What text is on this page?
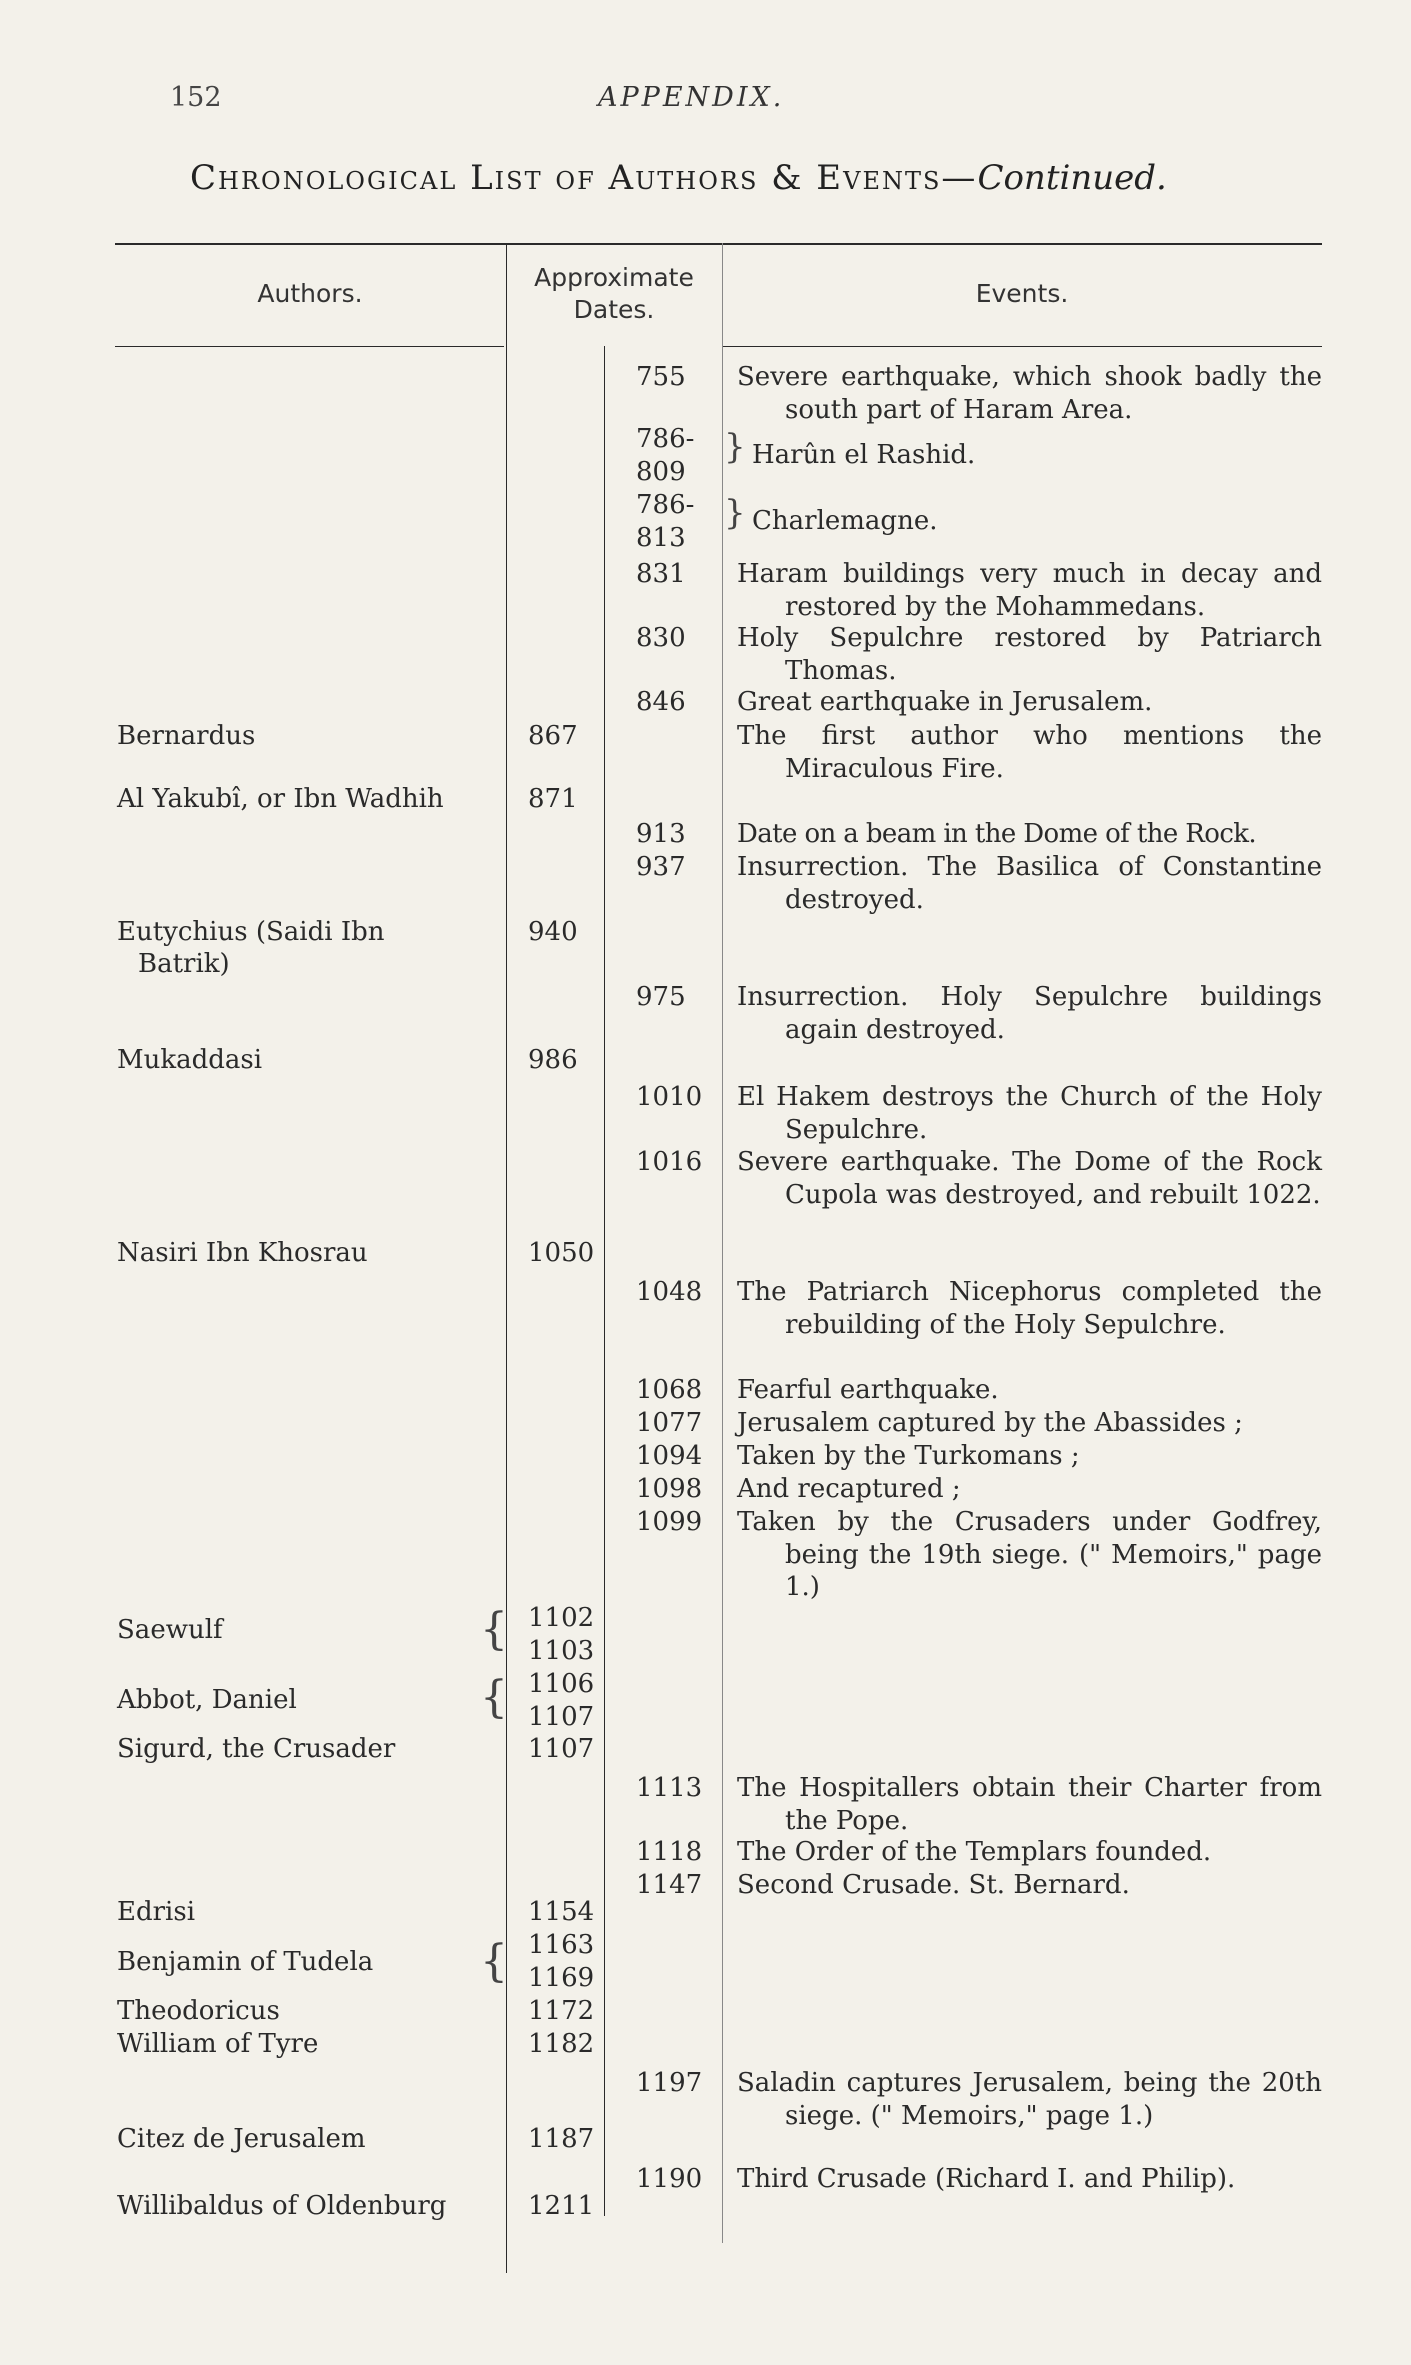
152	APPENDIX.
Chronological List of Authors & Events—Continued.
Authors.
Approximate
Dates.
Events.
Bernardus
Al Yakubî, or Ibn Wadhih
Eutychius (Saidi Ibn
Batrik)
Mukaddasi
Nasiri Ibn Khosrau
Saewulf
Abbot, Daniel
Sigurd, the Crusader
Edrisi
Benjamin of Tudela
Theodoricus
William of Tyre
Citez de Jerusalem
Willibaldus of Oldenburg
{
{
{
867
871
940
986
1050
1102
1103
1106
1107
1107
1154
1163
1169
1172
1182
1187
1211
755
786-
809
786-
813
831
830
846
913
937
975
1010
1016
1048
1068
1077
1094
1098
1099
1113
1118
1147
1197
1190
Severe earthquake, which shook badly the south part of Haram Area.
} Harûn el Rashid.
} Charlemagne.
Haram buildings very much in decay and restored by the Mohammedans.
Holy Sepulchre restored by Patriarch Thomas.
Great earthquake in Jerusalem.
The first author who mentions the Miraculous Fire.
Date on a beam in the Dome of the Rock.
Insurrection. The Basilica of Constantine destroyed.
Insurrection. Holy Sepulchre buildings again destroyed.
El Hakem destroys the Church of the Holy Sepulchre.
Severe earthquake. The Dome of the Rock Cupola was destroyed, and rebuilt 1022.
The Patriarch Nicephorus completed the rebuilding of the Holy Sepulchre.
Fearful earthquake.
Jerusalem captured by the Abassides ;
Taken by the Turkomans ;
And recaptured ;
Taken by the Crusaders under Godfrey, being the 19th siege. (" Memoirs," page 1.)
The Hospitallers obtain their Charter from the Pope.
The Order of the Templars founded.
Second Crusade. St. Bernard.
Saladin captures Jerusalem, being the 20th siege. (" Memoirs," page 1.)
Third Crusade (Richard I. and Philip).
